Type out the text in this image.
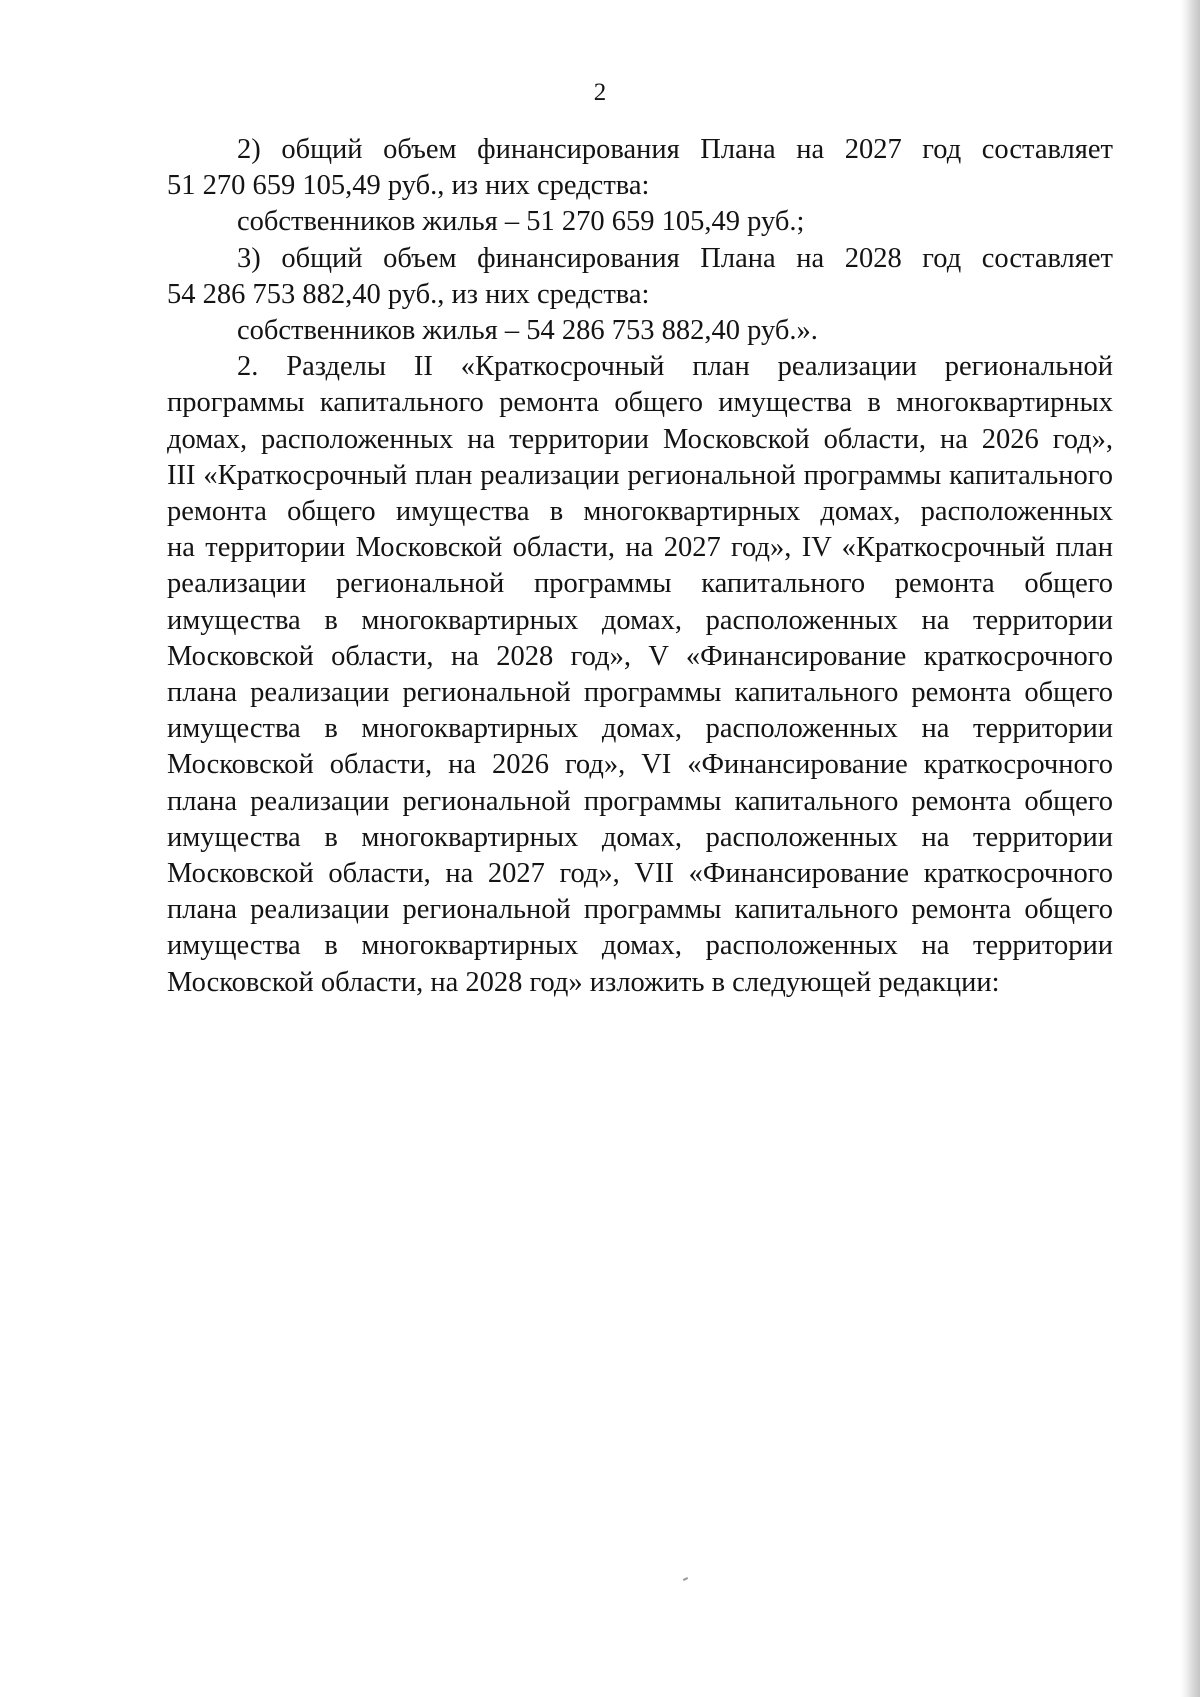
2
2) общий объем финансирования Плана на 2027 год составляет
51 270 659 105,49 руб., из них средства:
собственников жилья – 51 270 659 105,49 руб.;
3) общий объем финансирования Плана на 2028 год составляет
54 286 753 882,40 руб., из них средства:
собственников жилья – 54 286 753 882,40 руб.».
2. Разделы II «Краткосрочный план реализации региональной
программы капитального ремонта общего имущества в многоквартирных
домах, расположенных на территории Московской области, на 2026 год»,
III «Краткосрочный план реализации региональной программы капитального
ремонта общего имущества в многоквартирных домах, расположенных
на территории Московской области, на 2027 год», IV «Краткосрочный план
реализации региональной программы капитального ремонта общего
имущества в многоквартирных домах, расположенных на территории
Московской области, на 2028 год», V «Финансирование краткосрочного
плана реализации региональной программы капитального ремонта общего
имущества в многоквартирных домах, расположенных на территории
Московской области, на 2026 год», VI «Финансирование краткосрочного
плана реализации региональной программы капитального ремонта общего
имущества в многоквартирных домах, расположенных на территории
Московской области, на 2027 год», VII «Финансирование краткосрочного
плана реализации региональной программы капитального ремонта общего
имущества в многоквартирных домах, расположенных на территории
Московской области, на 2028 год» изложить в следующей редакции:
